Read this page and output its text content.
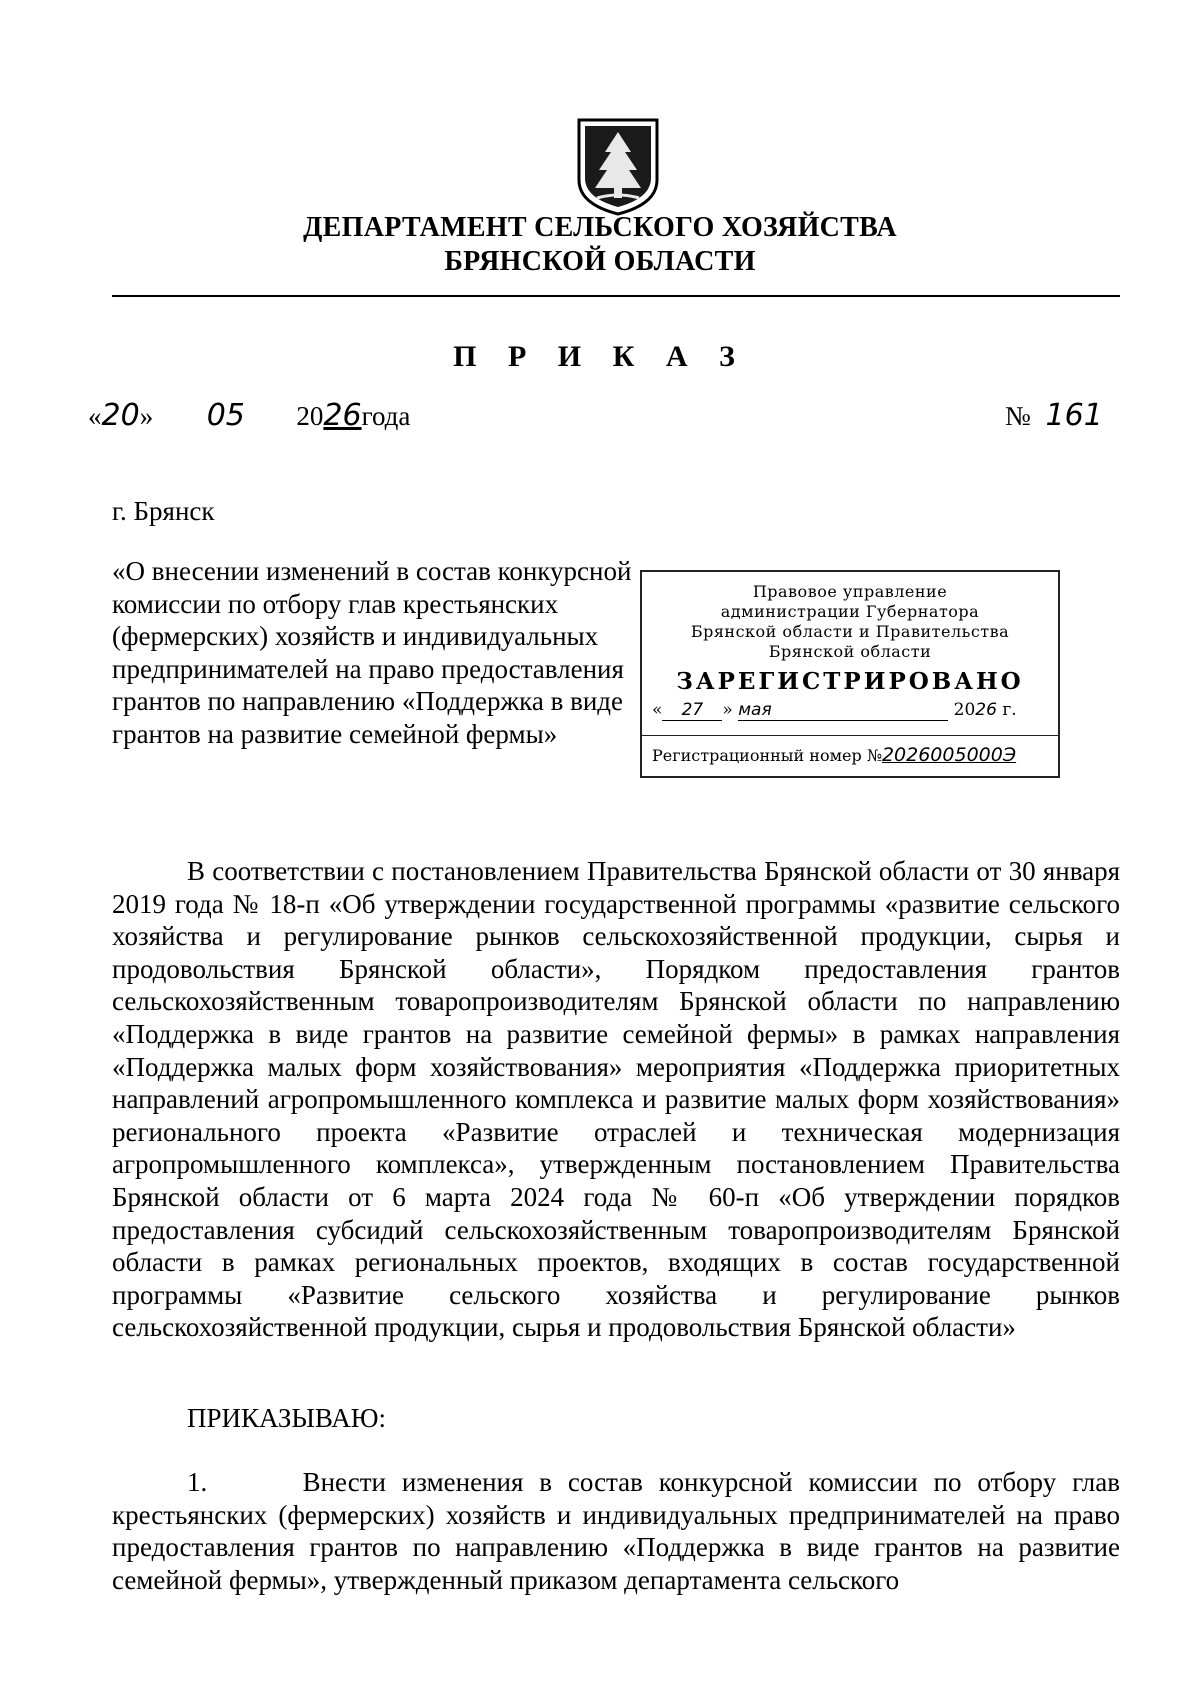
ДЕПАРТАМЕНТ СЕЛЬСКОГО ХОЗЯЙСТВА
БРЯНСКОЙ ОБЛАСТИ
П Р И К А З
«20» 05 2026года	№ 161
г. Брянск
«О внесении изменений в состав конкурсной комиссии по отбору глав крестьянских (фермерских) хозяйств и индивидуальных предпринимателей на право предоставления грантов по направлению «Поддержка в виде грантов на развитие семейной фермы»
Правовое управление
администрации Губернатора
Брянской области и Правительства
Брянской области
ЗАРЕГИСТРИРОВАНО
« 27 » мая	2026 г.
Регистрационный номер №2026005000Э

В соответствии с постановлением Правительства Брянской области от 30 января 2019 года № 18-п «Об утверждении государственной программы «развитие сельского хозяйства и регулирование рынков сельскохозяйственной продукции, сырья и продовольствия Брянской области», Порядком предоставления грантов сельскохозяйственным товаропроизводителям Брянской области по направлению «Поддержка в виде грантов на развитие семейной фермы» в рамках направления «Поддержка малых форм хозяйствования» мероприятия «Поддержка приоритетных направлений агропромышленного комплекса и развитие малых форм хозяйствования» регионального проекта «Развитие отраслей и техническая модернизация агропромышленного комплекса», утвержденным постановлением Правительства Брянской области от 6 марта 2024 года № 60-п «Об утверждении порядков предоставления субсидий сельскохозяйственным товаропроизводителям Брянской области в рамках региональных проектов, входящих в состав государственной программы «Развитие сельского хозяйства и регулирование рынков сельскохозяйственной продукции, сырья и продовольствия Брянской области»

ПРИКАЗЫВАЮ:

1.      Внести изменения в состав конкурсной комиссии по отбору глав крестьянских (фермерских) хозяйств и индивидуальных предпринимателей на право предоставления грантов по направлению «Поддержка в виде грантов на развитие семейной фермы», утвержденный приказом департамента сельского
